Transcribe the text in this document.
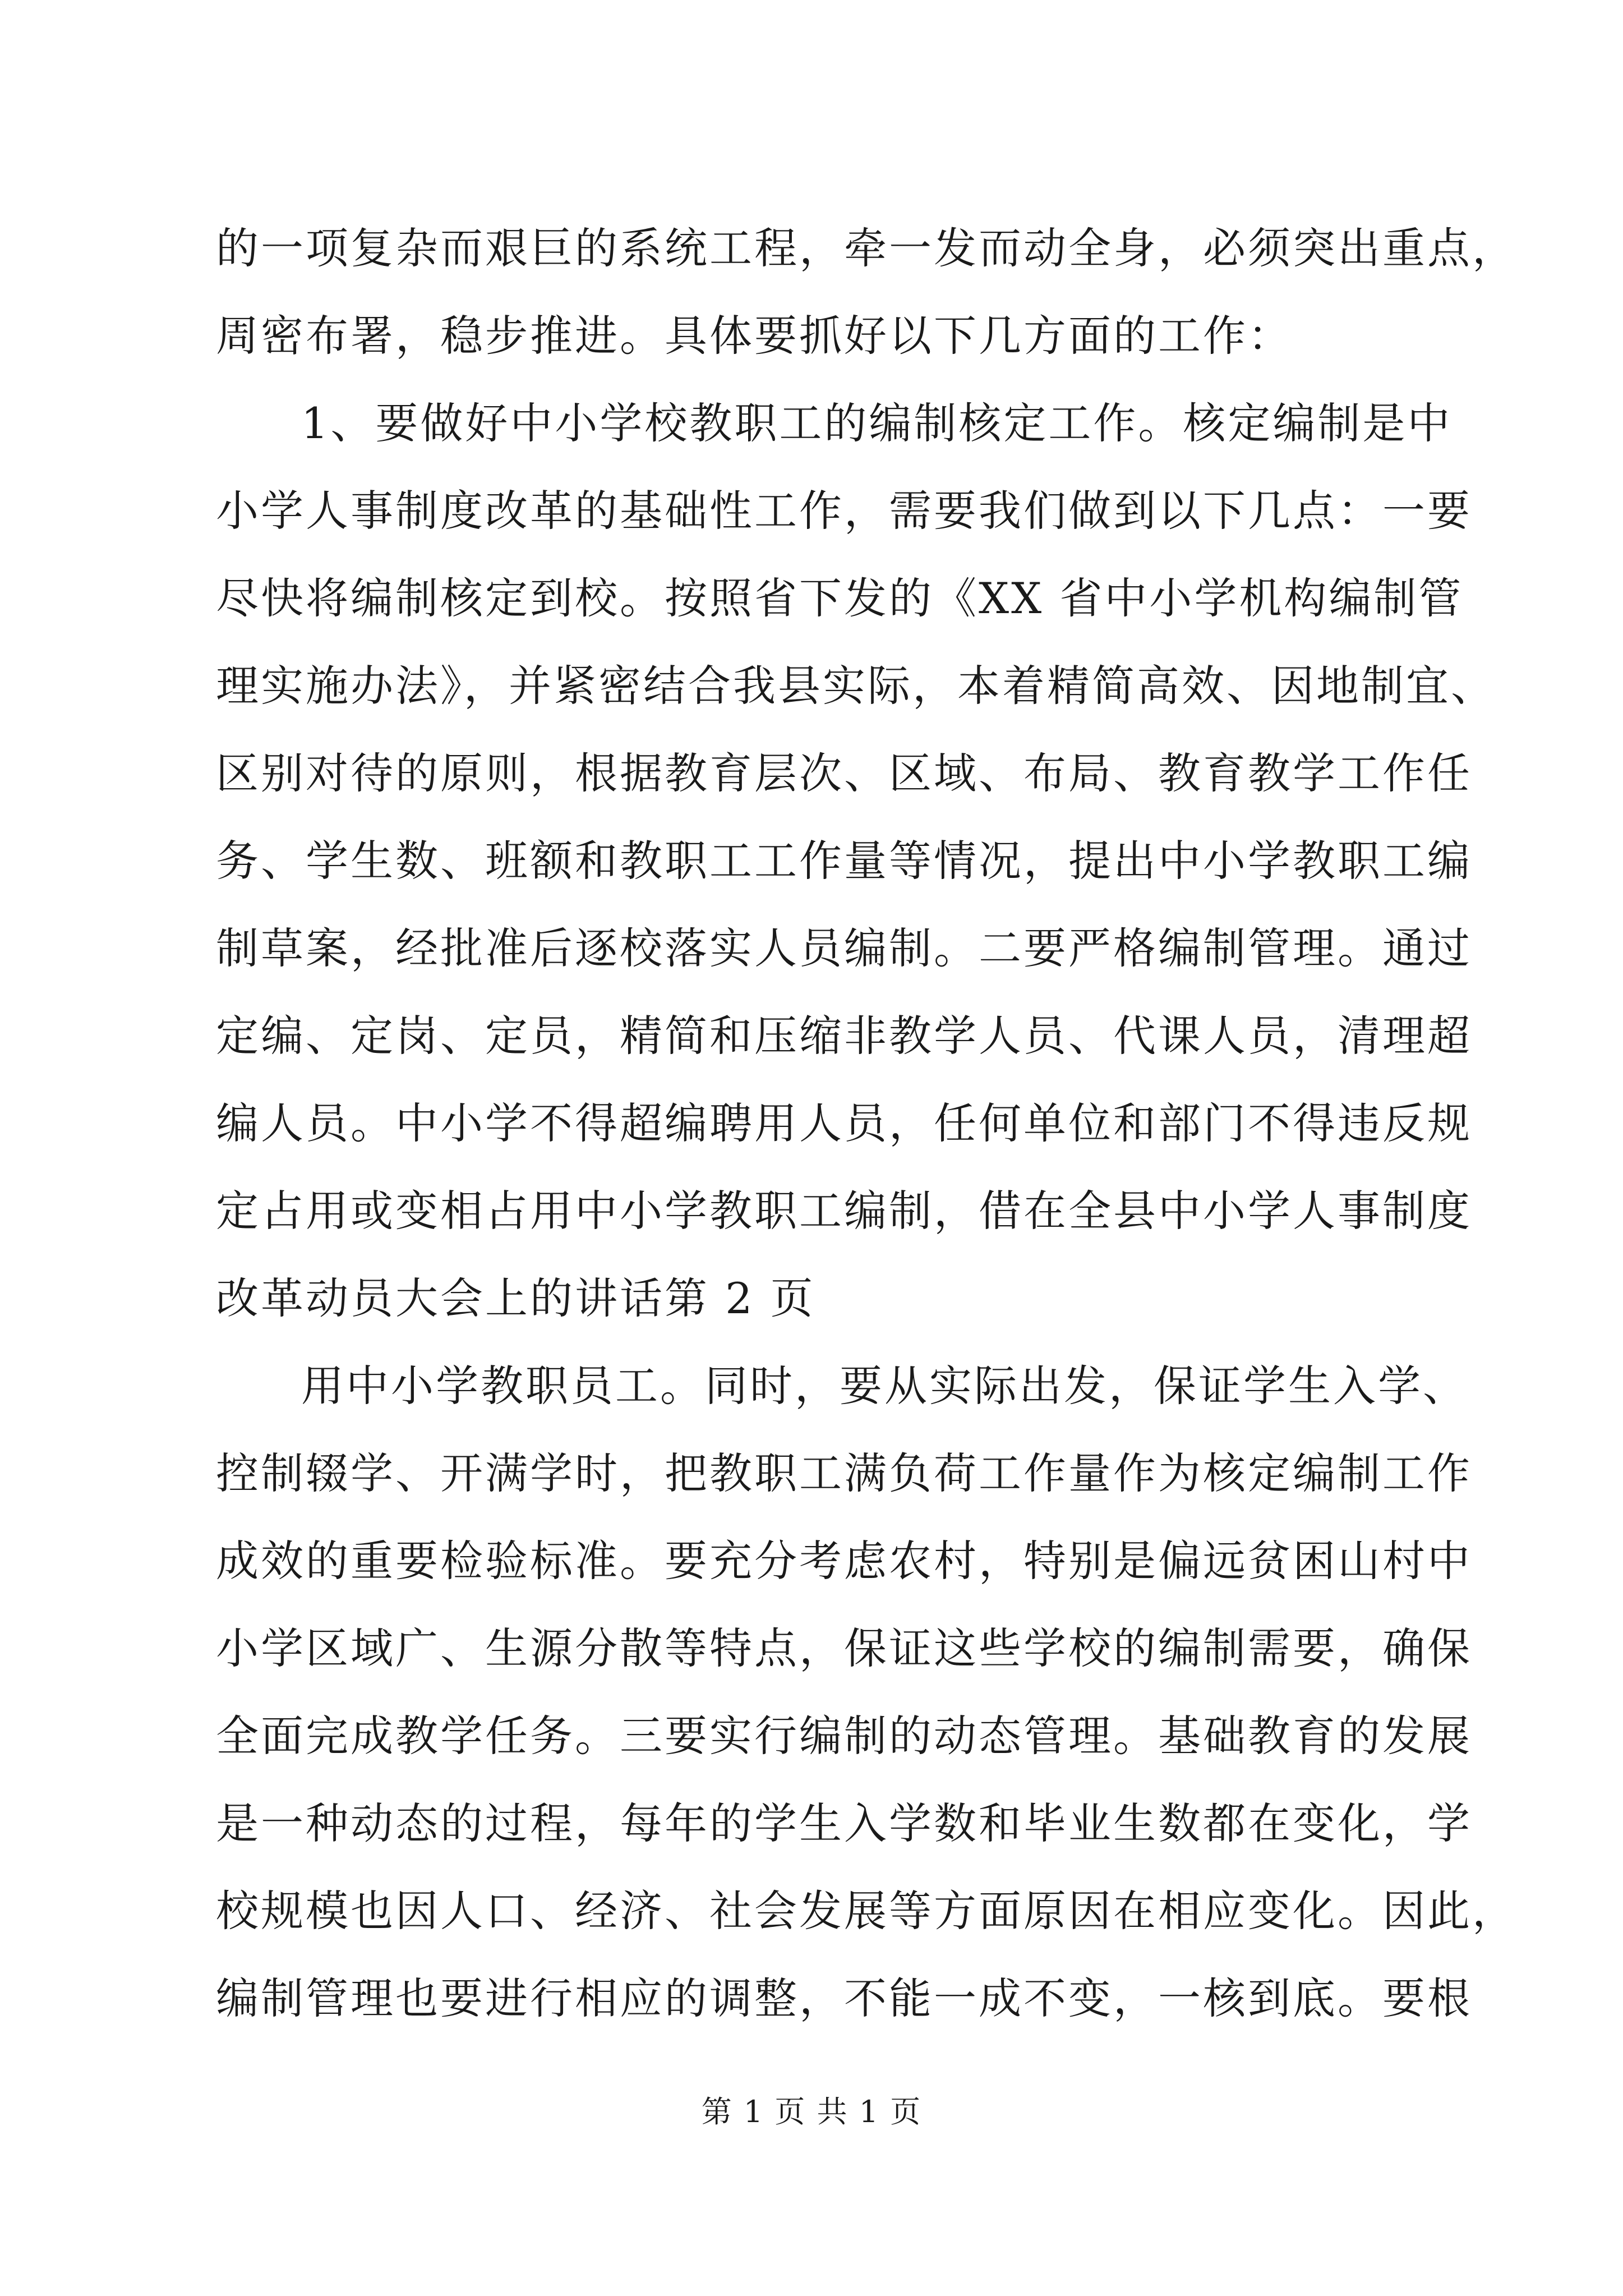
的一项复杂而艰巨的系统工程，牵一发而动全身，必须突出重点，
周密布署，稳步推进。具体要抓好以下几方面的工作：
1、要做好中小学校教职工的编制核定工作。核定编制是中
小学人事制度改革的基础性工作，需要我们做到以下几点：一要
尽快将编制核定到校。按照省下发的《XX 省中小学机构编制管
理实施办法》，并紧密结合我县实际，本着精简高效、因地制宜、
区别对待的原则，根据教育层次、区域、布局、教育教学工作任
务、学生数、班额和教职工工作量等情况，提出中小学教职工编
制草案，经批准后逐校落实人员编制。二要严格编制管理。通过
定编、定岗、定员，精简和压缩非教学人员、代课人员，清理超
编人员。中小学不得超编聘用人员，任何单位和部门不得违反规
定占用或变相占用中小学教职工编制，借在全县中小学人事制度
改革动员大会上的讲话第 2 页
用中小学教职员工。同时，要从实际出发，保证学生入学、
控制辍学、开满学时，把教职工满负荷工作量作为核定编制工作
成效的重要检验标准。要充分考虑农村，特别是偏远贫困山村中
小学区域广、生源分散等特点，保证这些学校的编制需要，确保
全面完成教学任务。三要实行编制的动态管理。基础教育的发展
是一种动态的过程，每年的学生入学数和毕业生数都在变化，学
校规模也因人口、经济、社会发展等方面原因在相应变化。因此，
编制管理也要进行相应的调整，不能一成不变，一核到底。要根
第 1 页 共 1 页
